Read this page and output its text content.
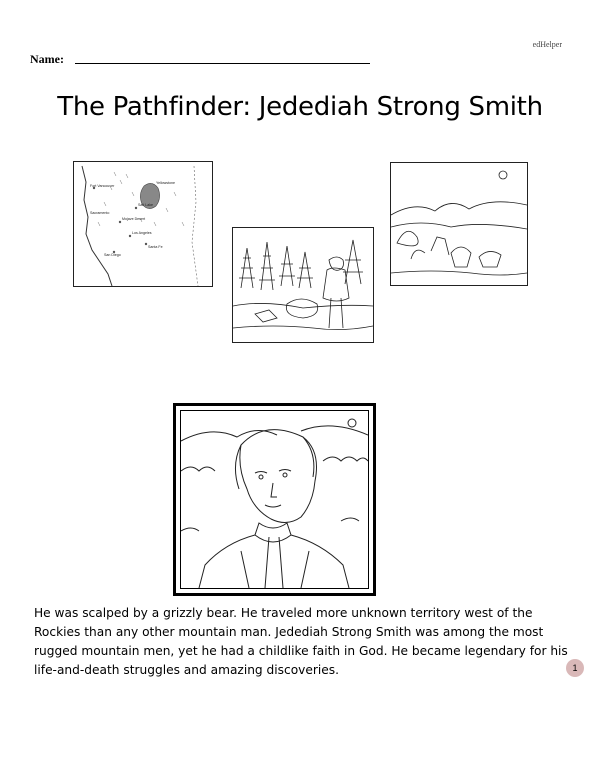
edHelper
Name:
The Pathfinder: Jedediah Strong Smith
Fort Vancouver
Salt Lake
Mojave Desert
Los Angeles
San Diego
Santa Fe
Sacramento
Yellowstone

He was scalped by a grizzly bear. He traveled more unknown territory west of the Rockies than any other mountain man. Jedediah Strong Smith was among the most rugged mountain men, yet he had a childlike faith in God. He became legendary for his life-and-death struggles and amazing discoveries.	1
